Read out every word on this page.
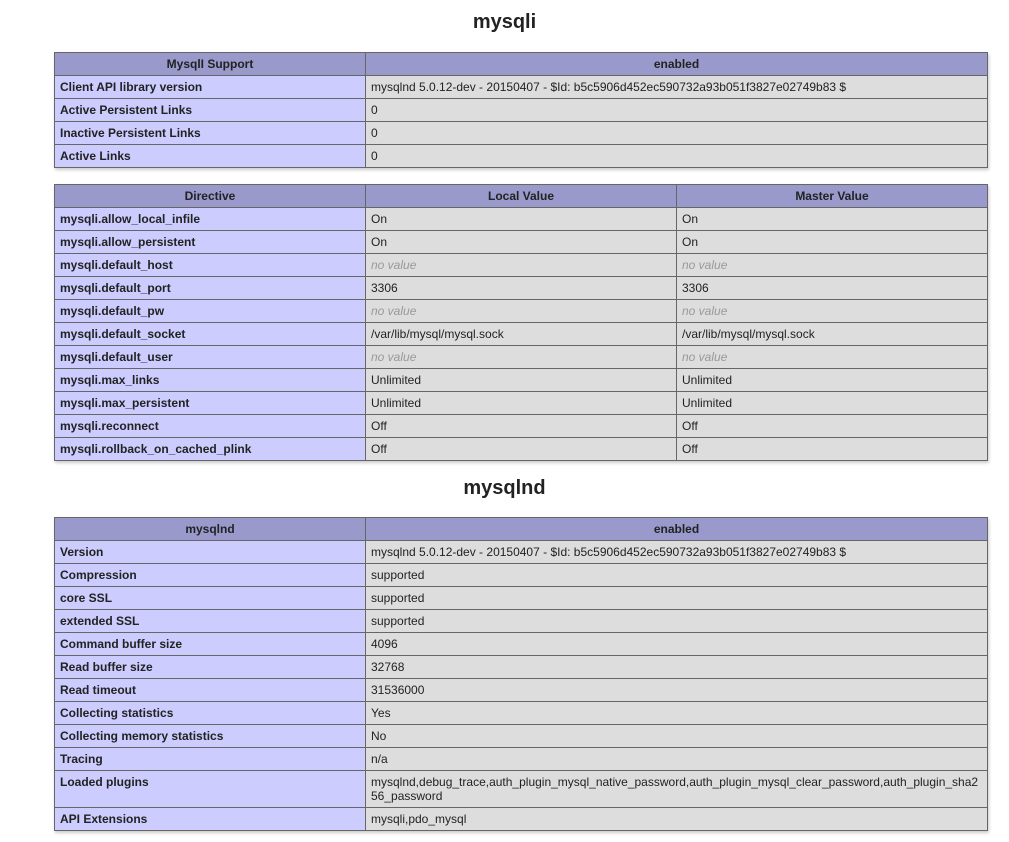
mysqli
MysqlI Support	enabled
Client API library version	mysqlnd 5.0.12-dev - 20150407 - $Id: b5c5906d452ec590732a93b051f3827e02749b83 $
Active Persistent Links	0
Inactive Persistent Links	0
Active Links	0
Directive	Local Value	Master Value
mysqli.allow_local_infile	On	On
mysqli.allow_persistent	On	On
mysqli.default_host	no value	no value
mysqli.default_port	3306	3306
mysqli.default_pw	no value	no value
mysqli.default_socket	/var/lib/mysql/mysql.sock	/var/lib/mysql/mysql.sock
mysqli.default_user	no value	no value
mysqli.max_links	Unlimited	Unlimited
mysqli.max_persistent	Unlimited	Unlimited
mysqli.reconnect	Off	Off
mysqli.rollback_on_cached_plink	Off	Off
mysqlnd
mysqlnd	enabled
Version	mysqlnd 5.0.12-dev - 20150407 - $Id: b5c5906d452ec590732a93b051f3827e02749b83 $
Compression	supported
core SSL	supported
extended SSL	supported
Command buffer size	4096
Read buffer size	32768
Read timeout	31536000
Collecting statistics	Yes
Collecting memory statistics	No
Tracing	n/a
Loaded plugins	mysqlnd,debug_trace,auth_plugin_mysql_native_password,auth_plugin_mysql_clear_password,auth_plugin_sha256_password
API Extensions	mysqli,pdo_mysql
